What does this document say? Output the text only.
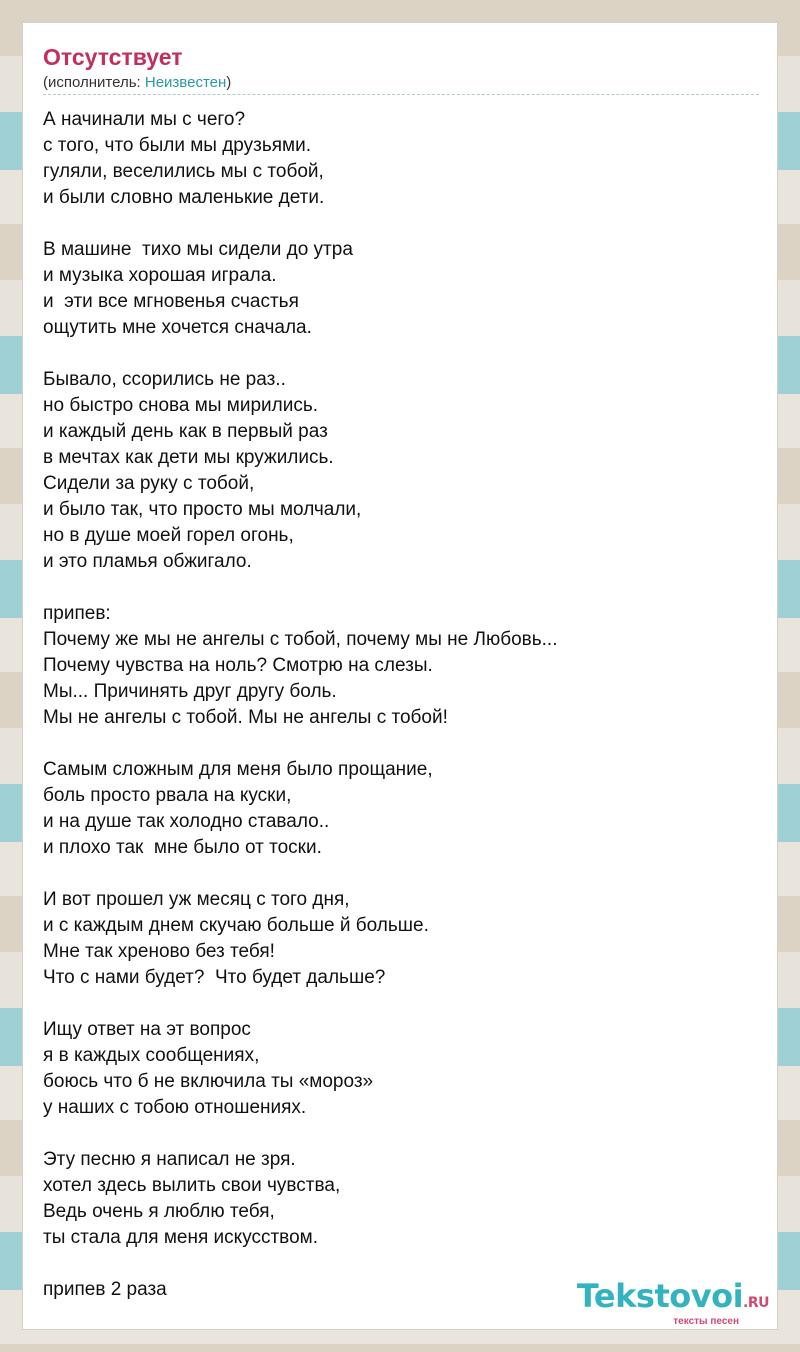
Отсутствует
(исполнитель: Неизвестен)
А начинали мы с чего?
с того, что были мы друзьями.
гуляли, веселились мы с тобой,
и были словно маленькие дети.
В машине  тихо мы сидели до утра
и музыка хорошая играла.
и  эти все мгновенья счастья
ощутить мне хочется сначала.
Бывало, ссорились не раз..
но быстро снова мы мирились.
и каждый день как в первый раз
в мечтах как дети мы кружились.
Сидели за руку с тобой,
и было так, что просто мы молчали,
но в душе моей горел огонь,
и это пламья обжигало.
припев:
Почему же мы не ангелы с тобой, почему мы не Любовь...
Почему чувства на ноль? Смотрю на слезы.
Мы... Причинять друг другу боль.
Мы не ангелы с тобой. Мы не ангелы с тобой!
Самым сложным для меня было прощание,
боль просто рвала на куски,
и на душе так холодно ставало..
и плохо так  мне было от тоски.
И вот прошел уж месяц с того дня,
и с каждым днем скучаю больше й больше.
Мне так хреново без тебя!
Что с нами будет?  Что будет дальше?
Ищу ответ на эт вопрос
я в каждых сообщениях,
боюсь что б не включила ты «мороз»
у наших с тобою отношениях.
Эту песню я написал не зря.
хотел здесь вылить свои чувства,
Ведь очень я люблю тебя,
ты стала для меня искусством.
припев 2 раза	Tekstovoi.RU
тексты песен
